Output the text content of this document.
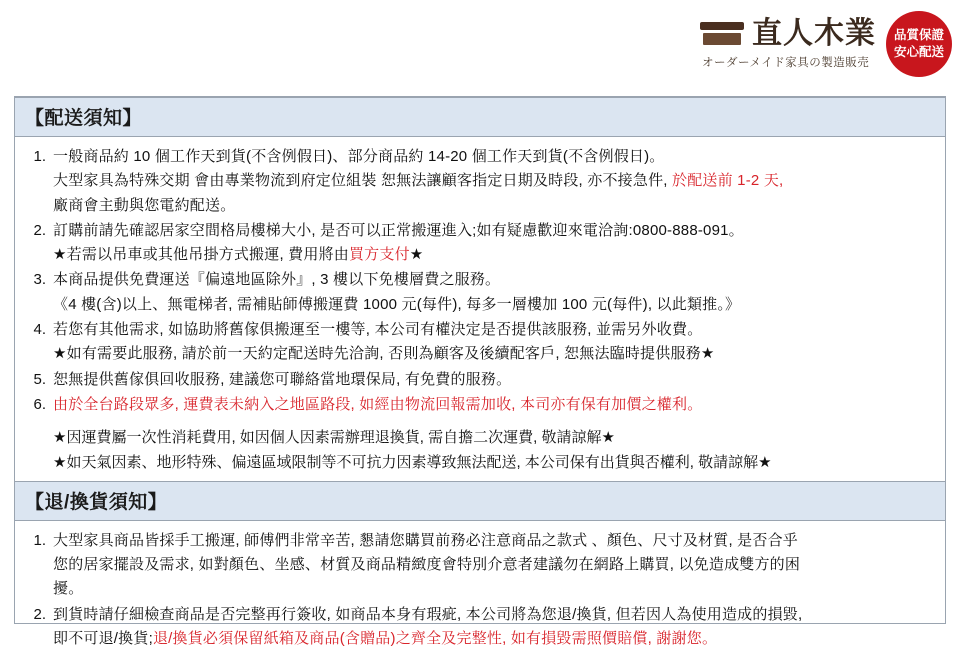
直人木業
オーダーメイド家具の製造販売
品質保證
安心配送
【配送須知】
1. 一般商品約 10 個工作天到貨(不含例假日)、部分商品約 14-20 個工作天到貨(不含例假日)。
大型家具為特殊交期 會由專業物流到府定位組裝 恕無法讓顧客指定日期及時段, 亦不接急件, 於配送前 1-2 天,
廠商會主動與您電約配送。
2. 訂購前請先確認居家空間格局樓梯大小, 是否可以正常搬運進入;如有疑慮歡迎來電洽詢:0800-888-091。
★若需以吊車或其他吊掛方式搬運, 費用將由買方支付★
3. 本商品提供免費運送『偏遠地區除外』, 3 樓以下免樓層費之服務。
《4 樓(含)以上、無電梯者, 需補貼師傅搬運費 1000 元(每件), 每多一層樓加 100 元(每件), 以此類推。》
4. 若您有其他需求, 如協助將舊傢俱搬運至一樓等, 本公司有權決定是否提供該服務, 並需另外收費。
★如有需要此服務, 請於前一天約定配送時先洽詢, 否則為顧客及後續配客戶, 恕無法臨時提供服務★
5. 恕無提供舊傢俱回收服務, 建議您可聯絡當地環保局, 有免費的服務。
6. 由於全台路段眾多, 運費表未納入之地區路段, 如經由物流回報需加收, 本司亦有保有加價之權利。
★因運費屬一次性消耗費用, 如因個人因素需辦理退換貨, 需自擔二次運費, 敬請諒解★
★如天氣因素、地形特殊、偏遠區域限制等不可抗力因素導致無法配送, 本公司保有出貨與否權利, 敬請諒解★
【退/換貨須知】
1. 大型家具商品皆採手工搬運, 師傅們非常辛苦, 懇請您購買前務必注意商品之款式 、顏色、尺寸及材質, 是否合乎
您的居家擺設及需求, 如對顏色、坐感、材質及商品精緻度會特別介意者建議勿在網路上購買, 以免造成雙方的困
擾。
2. 到貨時請仔細檢查商品是否完整再行簽收, 如商品本身有瑕疵, 本公司將為您退/換貨, 但若因人為使用造成的損毀,
即不可退/換貨;退/換貨必須保留紙箱及商品(含贈品)之齊全及完整性, 如有損毀需照價賠償, 謝謝您。
